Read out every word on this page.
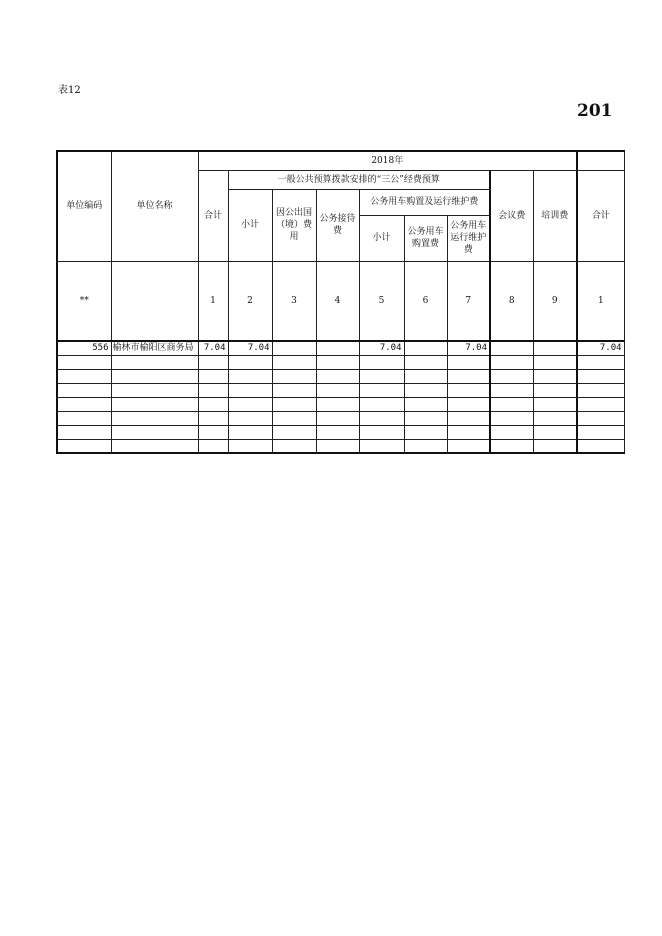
表12
201
单位编码	单位名称	2018年									
		合计	一般公共预算拨款安排的“三公”经费预算						会议费	培训费	合计
			小计	因公出国（境）费用	公务接待费	公务用车购置及运行维护费					
						小计	公务用车购置费	公务用车运行维护费			
**		1	2	3	4	5	6	7	8	9	1
556	榆林市榆阳区商务局	7.04	7.04			7.04		7.04			7.04
